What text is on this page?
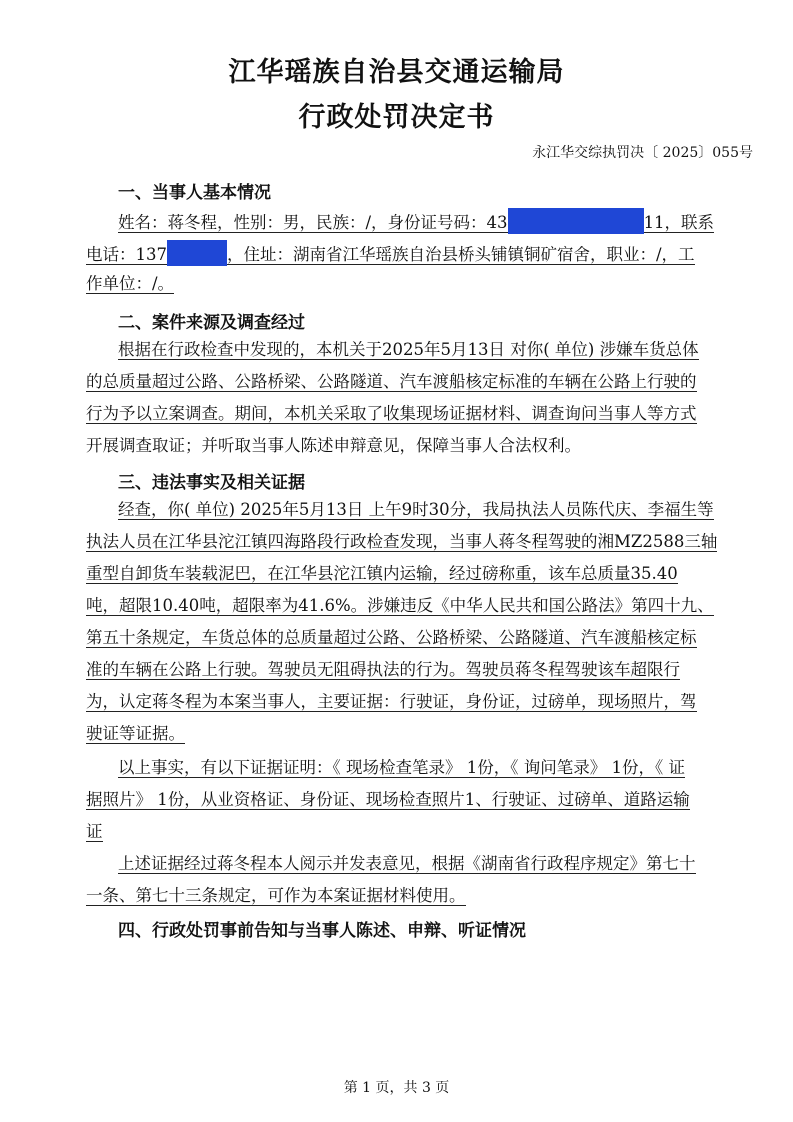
江华瑶族自治县交通运输局
行政处罚决定书
永江华交综执罚决〔 2025〕055号
一、当事人基本情况
姓名：蒋冬程，性别：男，民族：/，身份证号码：43	11，联系
电话：137	，住址：湖南省江华瑶族自治县桥头铺镇铜矿宿舍，职业：/，工
作单位：/。
二、案件来源及调查经过
根据在行政检查中发现的，本机关于2025年5月13日 对你( 单位) 涉嫌车货总体
的总质量超过公路、公路桥梁、公路隧道、汽车渡船核定标准的车辆在公路上行驶的
行为予以立案调查。期间，本机关采取了收集现场证据材料、调查询问当事人等方式
开展调查取证；并听取当事人陈述申辩意见，保障当事人合法权利。
三、违法事实及相关证据
经查，你( 单位) 2025年5月13日 上午9时30分，我局执法人员陈代庆、李福生等
执法人员在江华县沱江镇四海路段行政检查发现，当事人蒋冬程驾驶的湘MZ2588三轴
重型自卸货车装载泥巴，在江华县沱江镇内运输，经过磅称重，该车总质量35.40
吨，超限10.40吨，超限率为41.6%。涉嫌违反《中华人民共和国公路法》第四十九、
第五十条规定，车货总体的总质量超过公路、公路桥梁、公路隧道、汽车渡船核定标
准的车辆在公路上行驶。驾驶员无阻碍执法的行为。驾驶员蒋冬程驾驶该车超限行
为，认定蒋冬程为本案当事人，主要证据：行驶证，身份证，过磅单，现场照片，驾
驶证等证据。
以上事实，有以下证据证明：《 现场检查笔录》 1份，《 询问笔录》 1份，《 证
据照片》 1份，从业资格证、身份证、现场检查照片1、行驶证、过磅单、道路运输
证
上述证据经过蒋冬程本人阅示并发表意见，根据《湖南省行政程序规定》第七十
一条、第七十三条规定，可作为本案证据材料使用。
四、行政处罚事前告知与当事人陈述、申辩、听证情况
第 1 页，共 3 页
